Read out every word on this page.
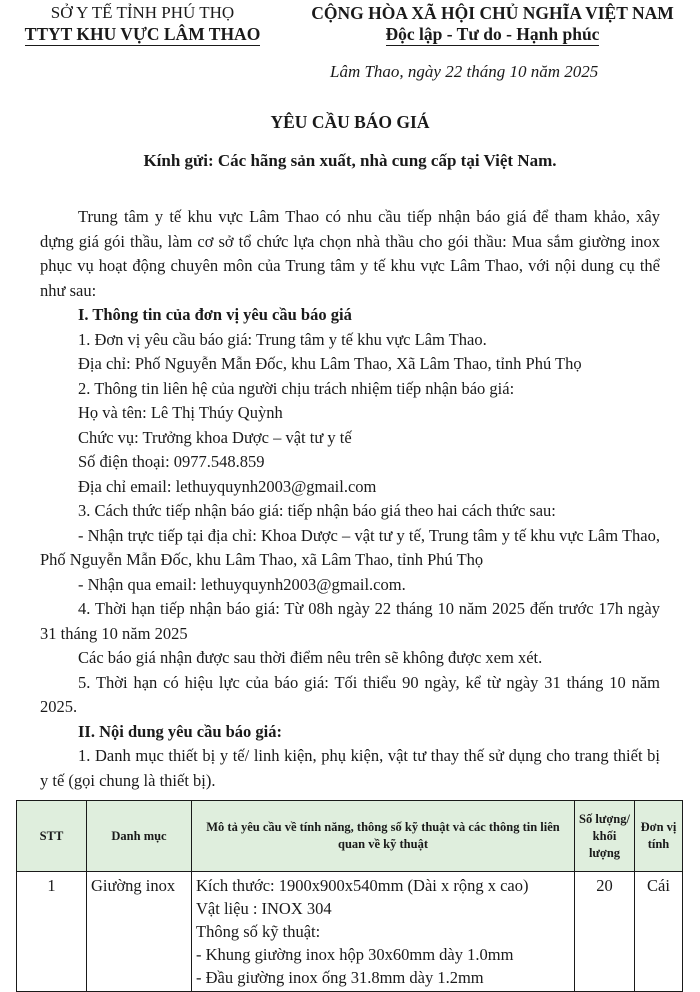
SỞ Y TẾ TỈNH PHÚ THỌ
TTYT KHU VỰC LÂM THAO
CỘNG HÒA XÃ HỘI CHỦ NGHĨA VIỆT NAM
Độc lập - Tư do - Hạnh phúc
Lâm Thao, ngày 22 tháng 10 năm 2025
YÊU CẦU BÁO GIÁ
Kính gửi: Các hãng sản xuất, nhà cung cấp tại Việt Nam.

Trung tâm y tế khu vực Lâm Thao có nhu cầu tiếp nhận báo giá để tham khảo, xây dựng giá gói thầu, làm cơ sở tổ chức lựa chọn nhà thầu cho gói thầu: Mua sắm giường inox phục vụ hoạt động chuyên môn của Trung tâm y tế khu vực Lâm Thao, với nội dung cụ thể như sau:

I. Thông tin của đơn vị yêu cầu báo giá

1. Đơn vị yêu cầu báo giá: Trung tâm y tế khu vực Lâm Thao.

Địa chỉ: Phố Nguyễn Mẫn Đốc, khu Lâm Thao, Xã Lâm Thao, tỉnh Phú Thọ

2. Thông tin liên hệ của người chịu trách nhiệm tiếp nhận báo giá:

Họ và tên: Lê Thị Thúy Quỳnh

Chức vụ: Trưởng khoa Dược – vật tư y tế

Số điện thoại: 0977.548.859

Địa chỉ email: lethuyquynh2003@gmail.com

3. Cách thức tiếp nhận báo giá: tiếp nhận báo giá theo hai cách thức sau:

- Nhận trực tiếp tại địa chỉ: Khoa Dược – vật tư y tế, Trung tâm y tế khu vực Lâm Thao, Phố Nguyễn Mẫn Đốc, khu Lâm Thao, xã Lâm Thao, tỉnh Phú Thọ

- Nhận qua email: lethuyquynh2003@gmail.com.

4. Thời hạn tiếp nhận báo giá: Từ 08h ngày 22 tháng 10 năm 2025 đến trước 17h ngày 31 tháng 10 năm 2025

Các báo giá nhận được sau thời điểm nêu trên sẽ không được xem xét.

5. Thời hạn có hiệu lực của báo giá: Tối thiểu 90 ngày, kể từ ngày 31 tháng 10 năm 2025.

II. Nội dung yêu cầu báo giá:

1. Danh mục thiết bị y tế/ linh kiện, phụ kiện, vật tư thay thế sử dụng cho trang thiết bị y tế (gọi chung là thiết bị).

STT	Danh mục	Mô tả yêu cầu về tính năng, thông số kỹ thuật và các thông tin liên quan về kỹ thuật	Số lượng/ khối lượng	Đơn vị tính
1	Giường inox	Kích thước: 1900x900x540mm (Dài x rộng x cao)
Vật liệu : INOX 304
Thông số kỹ thuật:
- Khung giường inox hộp 30x60mm dày 1.0mm
- Đầu giường inox ống 31.8mm dày 1.2mm	20	Cái
